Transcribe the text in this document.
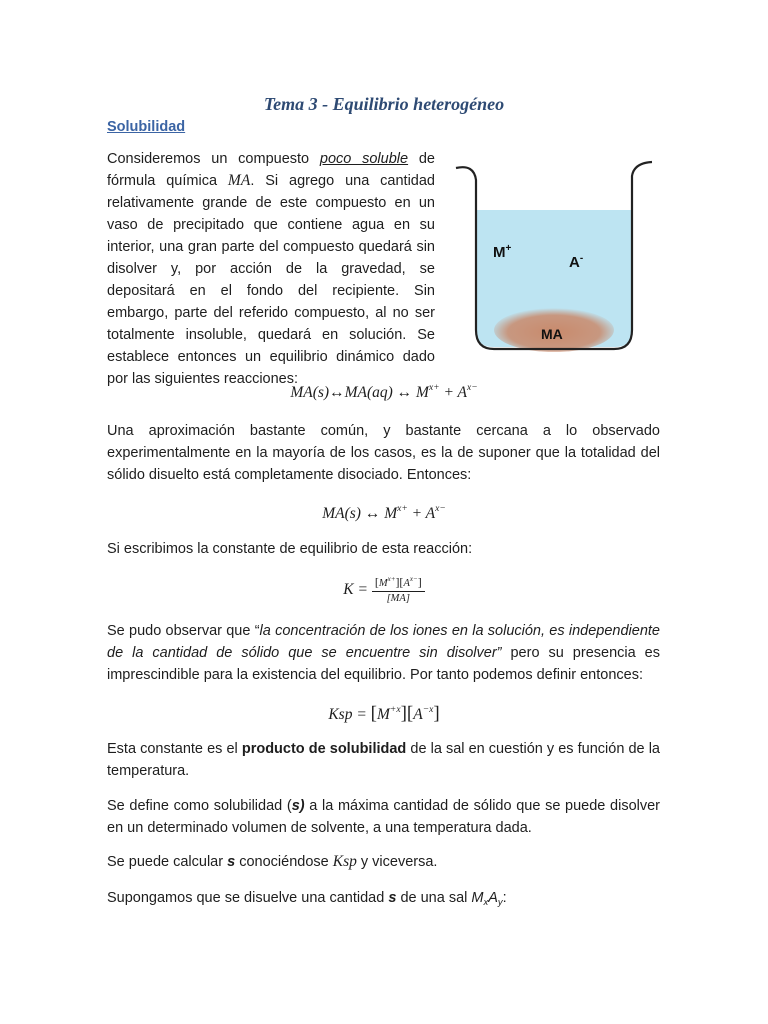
Tema 3 - Equilibrio heterogéneo
Solubilidad

Consideremos un compuesto poco soluble de fórmula química MA. Si agrego una cantidad relativamente grande de este compuesto en un vaso de precipitado que contiene agua en su interior, una gran parte del compuesto quedará sin disolver y, por acción de la gravedad, se depositará en el fondo del recipiente. Sin embargo, parte del referido compuesto, al no ser totalmente insoluble, quedará en solución. Se establece entonces un equilibrio dinámico dado por las siguientes reacciones:

M+
A-
MA
MA(s)↔MA(aq) ↔ $M^{x+} + A^{x-}$

Una aproximación bastante común, y bastante cercana a lo observado experimentalmente en la mayoría de los casos, es la de suponer que la totalidad del sólido disuelto está completamente disociado. Entonces:

MA(s) ↔ $M^{x+} + A^{x-}$

Si escribimos la constante de equilibrio de esta reacción:

$K = \frac{[M^{x+}][A^{x-}]}{[MA]}$

Se pudo observar que “la concentración de los iones en la solución, es independiente de la cantidad de sólido que se encuentre sin disolver” pero su presencia es imprescindible para la existencia del equilibrio. Por tanto podemos definir entonces:

Ksp = $[M^{+x}][A^{-x}]$

Esta constante es el producto de solubilidad de la sal en cuestión y es función de la temperatura.

Se define como solubilidad (s) a la máxima cantidad de sólido que se puede disolver en un determinado volumen de solvente, a una temperatura dada.

Se puede calcular s conociéndose Ksp y viceversa.

Supongamos que se disuelve una cantidad s de una sal $M_xA_y$:
